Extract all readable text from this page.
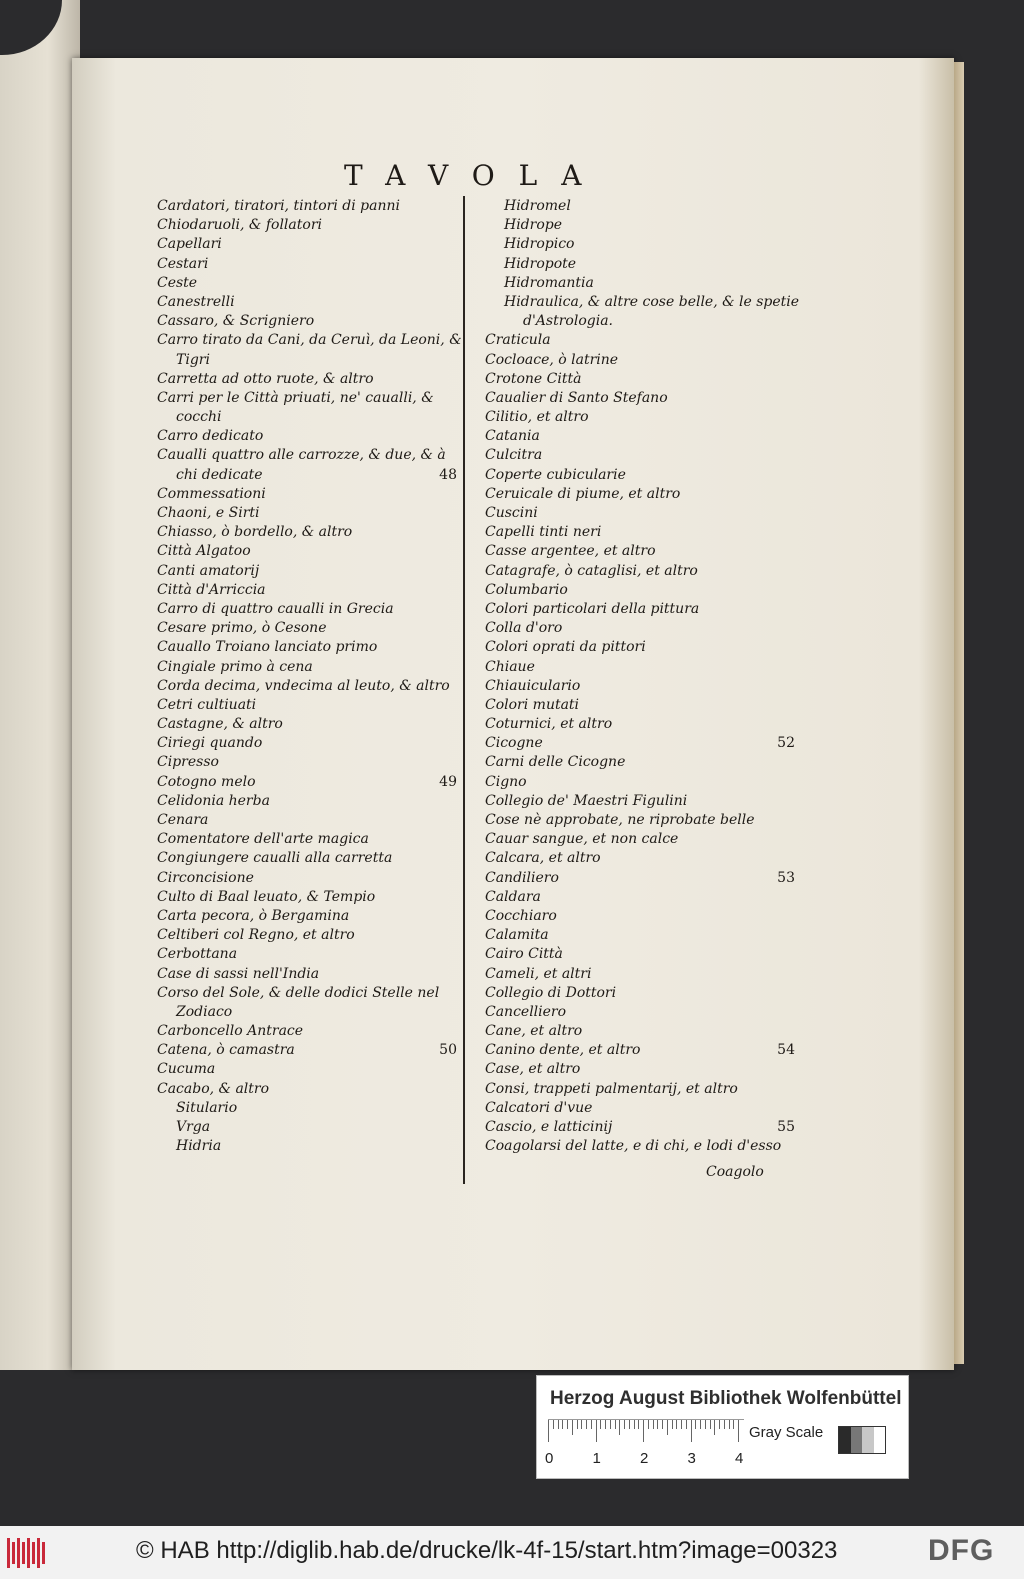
TAVOLA
Cardatori, tiratori, tintori di panni
Chiodaruoli, & follatori
Capellari
Cestari
Ceste
Canestrelli
Cassaro, & Scrigniero
Carro tirato da Cani, da Ceruì, da Leoni, &
Tigri
Carretta ad otto ruote, & altro
Carri per le Città priuati, ne' caualli, &
cocchi
Carro dedicato
Caualli quattro alle carrozze, & due, & à
chi dedicate	48
Commessationi
Chaoni, e Sirti
Chiasso, ò bordello, & altro
Città Algatoo
Canti amatorij
Città d'Arriccia
Carro di quattro caualli in Grecia
Cesare primo, ò Cesone
Cauallo Troiano lanciato primo
Cingiale primo à cena
Corda decima, vndecima al leuto, & altro
Cetri cultiuati
Castagne, & altro
Ciriegi quando
Cipresso
Cotogno melo	49
Celidonia herba
Cenara
Comentatore dell'arte magica
Congiungere caualli alla carretta
Circoncisione
Culto di Baal leuato, & Tempio
Carta pecora, ò Bergamina
Celtiberi col Regno, et altro
Cerbottana
Case di sassi nell'India
Corso del Sole, & delle dodici Stelle nel
Zodiaco
Carboncello Antrace
Catena, ò camastra	50
Cucuma
Cacabo, & altro
Situlario
Vrga
Hidria
Hidromel
Hidrope
Hidropico
Hidropote
Hidromantia
Hidraulica, & altre cose belle, & le spetie
d'Astrologia.
Craticula
Cocloace, ò latrine
Crotone Città
Caualier di Santo Stefano
Cilitio, et altro
Catania
Culcitra
Coperte cubicularie
Ceruicale di piume, et altro
Cuscini
Capelli tinti neri
Casse argentee, et altro
Catagrafe, ò cataglisi, et altro
Columbario
Colori particolari della pittura
Colla d'oro
Colori oprati da pittori
Chiaue
Chiauiculario
Colori mutati
Coturnici, et altro
Cicogne	52
Carni delle Cicogne
Cigno
Collegio de' Maestri Figulini
Cose nè approbate, ne riprobate belle
Cauar sangue, et non calce
Calcara, et altro
Candiliero	53
Caldara
Cocchiaro
Calamita
Cairo Città
Cameli, et altri
Collegio di Dottori
Cancelliero
Cane, et altro
Canino dente, et altro	54
Case, et altro
Consi, trappeti palmentarij, et altro
Calcatori d'vue
Cascio, e latticinij	55
Coagolarsi del latte, e di chi, e lodi d'esso
Coagolo
Herzog August Bibliothek Wolfenbüttel
0	1	2	3	4
Gray Scale
© HAB http://diglib.hab.de/drucke/lk-4f-15/start.htm?image=00323	DFG
